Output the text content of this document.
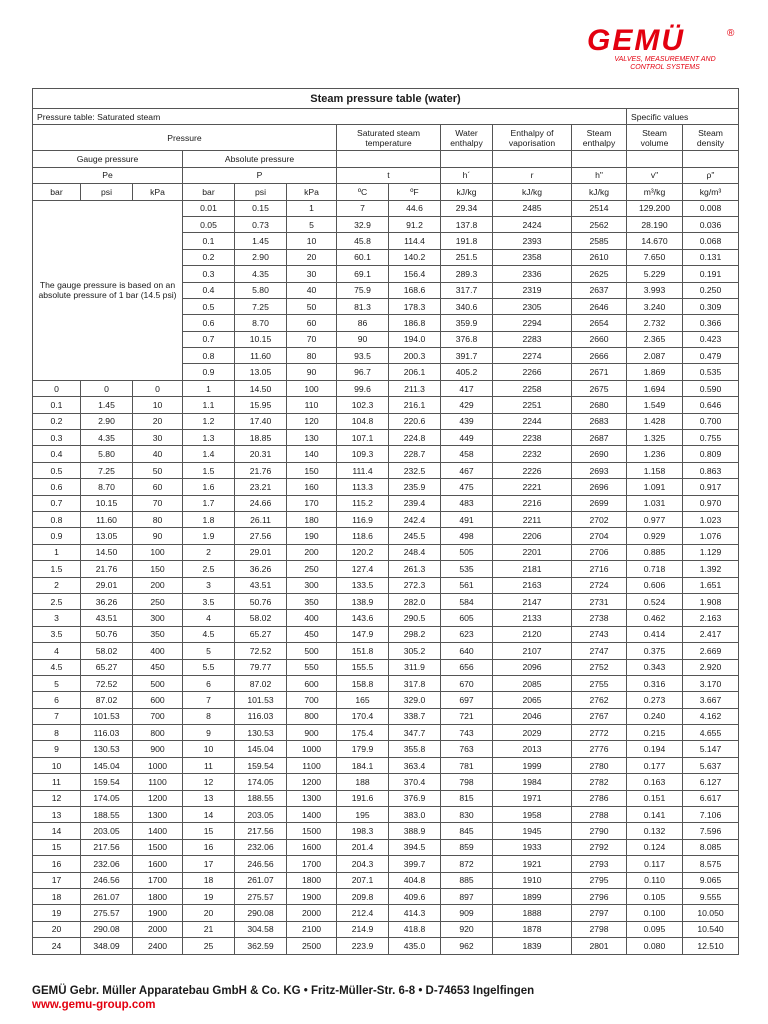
GEMÜ	®
VALVES, MEASUREMENT AND
CONTROL SYSTEMS
Steam pressure table (water)												
Pressure table: Saturated steam											Specific values	
Pressure						Saturated steam temperature		Water enthalpy	Enthalpy of vaporisation	Steam enthalpy	Steam volume	Steam density
Gauge pressure			Absolute pressure									
Pe			P			t		h´	r	h"	v"	ρ"
bar	psi	kPa	bar	psi	kPa	ºC	ºF	kJ/kg	kJ/kg	kJ/kg	m³/kg	kg/m³
The gauge pressure is based on an absolute pressure of 1 bar (14.5 psi)			0.01	0.15	1	7	44.6	29.34	2485	2514	129.200	0.008
			0.05	0.73	5	32.9	91.2	137.8	2424	2562	28.190	0.036
			0.1	1.45	10	45.8	114.4	191.8	2393	2585	14.670	0.068
			0.2	2.90	20	60.1	140.2	251.5	2358	2610	7.650	0.131
			0.3	4.35	30	69.1	156.4	289.3	2336	2625	5.229	0.191
			0.4	5.80	40	75.9	168.6	317.7	2319	2637	3.993	0.250
			0.5	7.25	50	81.3	178.3	340.6	2305	2646	3.240	0.309
			0.6	8.70	60	86	186.8	359.9	2294	2654	2.732	0.366
			0.7	10.15	70	90	194.0	376.8	2283	2660	2.365	0.423
			0.8	11.60	80	93.5	200.3	391.7	2274	2666	2.087	0.479
			0.9	13.05	90	96.7	206.1	405.2	2266	2671	1.869	0.535
0	0	0	1	14.50	100	99.6	211.3	417	2258	2675	1.694	0.590
0.1	1.45	10	1.1	15.95	110	102.3	216.1	429	2251	2680	1.549	0.646
0.2	2.90	20	1.2	17.40	120	104.8	220.6	439	2244	2683	1.428	0.700
0.3	4.35	30	1.3	18.85	130	107.1	224.8	449	2238	2687	1.325	0.755
0.4	5.80	40	1.4	20.31	140	109.3	228.7	458	2232	2690	1.236	0.809
0.5	7.25	50	1.5	21.76	150	111.4	232.5	467	2226	2693	1.158	0.863
0.6	8.70	60	1.6	23.21	160	113.3	235.9	475	2221	2696	1.091	0.917
0.7	10.15	70	1.7	24.66	170	115.2	239.4	483	2216	2699	1.031	0.970
0.8	11.60	80	1.8	26.11	180	116.9	242.4	491	2211	2702	0.977	1.023
0.9	13.05	90	1.9	27.56	190	118.6	245.5	498	2206	2704	0.929	1.076
1	14.50	100	2	29.01	200	120.2	248.4	505	2201	2706	0.885	1.129
1.5	21.76	150	2.5	36.26	250	127.4	261.3	535	2181	2716	0.718	1.392
2	29.01	200	3	43.51	300	133.5	272.3	561	2163	2724	0.606	1.651
2.5	36.26	250	3.5	50.76	350	138.9	282.0	584	2147	2731	0.524	1.908
3	43.51	300	4	58.02	400	143.6	290.5	605	2133	2738	0.462	2.163
3.5	50.76	350	4.5	65.27	450	147.9	298.2	623	2120	2743	0.414	2.417
4	58.02	400	5	72.52	500	151.8	305.2	640	2107	2747	0.375	2.669
4.5	65.27	450	5.5	79.77	550	155.5	311.9	656	2096	2752	0.343	2.920
5	72.52	500	6	87.02	600	158.8	317.8	670	2085	2755	0.316	3.170
6	87.02	600	7	101.53	700	165	329.0	697	2065	2762	0.273	3.667
7	101.53	700	8	116.03	800	170.4	338.7	721	2046	2767	0.240	4.162
8	116.03	800	9	130.53	900	175.4	347.7	743	2029	2772	0.215	4.655
9	130.53	900	10	145.04	1000	179.9	355.8	763	2013	2776	0.194	5.147
10	145.04	1000	11	159.54	1100	184.1	363.4	781	1999	2780	0.177	5.637
11	159.54	1100	12	174.05	1200	188	370.4	798	1984	2782	0.163	6.127
12	174.05	1200	13	188.55	1300	191.6	376.9	815	1971	2786	0.151	6.617
13	188.55	1300	14	203.05	1400	195	383.0	830	1958	2788	0.141	7.106
14	203.05	1400	15	217.56	1500	198.3	388.9	845	1945	2790	0.132	7.596
15	217.56	1500	16	232.06	1600	201.4	394.5	859	1933	2792	0.124	8.085
16	232.06	1600	17	246.56	1700	204.3	399.7	872	1921	2793	0.117	8.575
17	246.56	1700	18	261.07	1800	207.1	404.8	885	1910	2795	0.110	9.065
18	261.07	1800	19	275.57	1900	209.8	409.6	897	1899	2796	0.105	9.555
19	275.57	1900	20	290.08	2000	212.4	414.3	909	1888	2797	0.100	10.050
20	290.08	2000	21	304.58	2100	214.9	418.8	920	1878	2798	0.095	10.540
24	348.09	2400	25	362.59	2500	223.9	435.0	962	1839	2801	0.080	12.510
GEMÜ Gebr. Müller Apparatebau GmbH & Co. KG • Fritz-Müller-Str. 6-8 • D-74653 Ingelfingen
www.gemu-group.com
